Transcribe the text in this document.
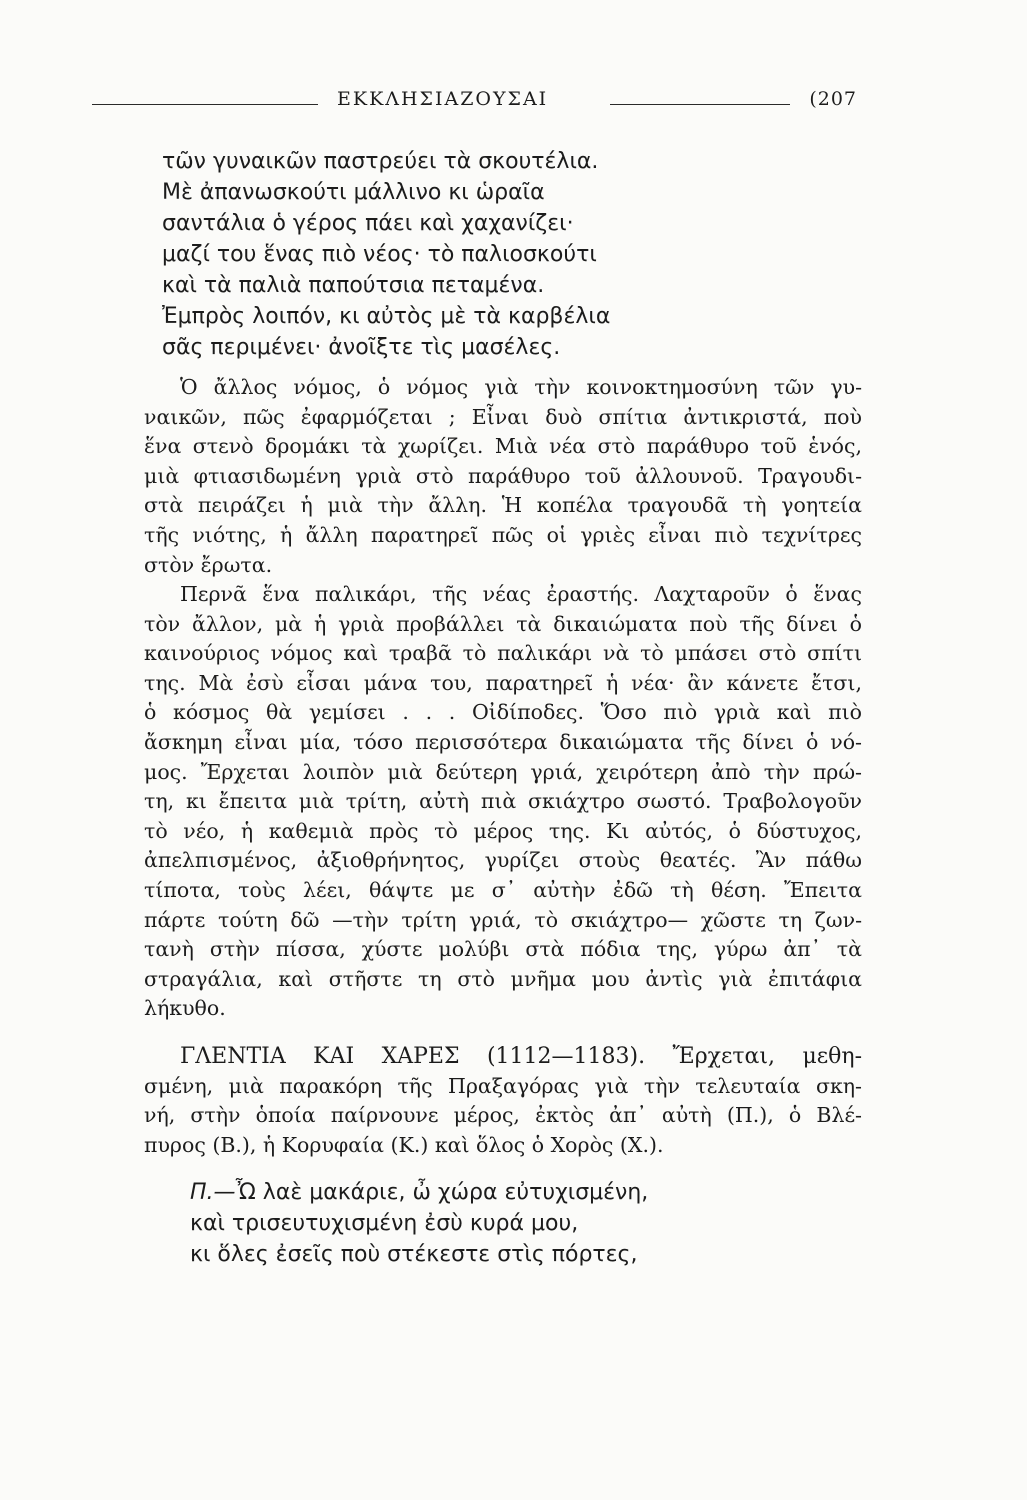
ΕΚΚΛΗΣΙΑΖΟΥΣΑΙ	(207

τῶν γυναικῶν παστρεύει τὰ σκουτέλια.

Μὲ ἀπανωσκούτι μάλλινο κι ὡραῖα

σαντάλια ὁ γέρος πάει καὶ χαχανίζει·

μαζί του ἕνας πιὸ νέος· τὸ παλιοσκούτι

καὶ τὰ παλιὰ παπούτσια πεταμένα.

Ἐμπρὸς λοιπόν, κι αὐτὸς μὲ τὰ καρβέλια

σᾶς περιμένει· ἀνοῖξτε τὶς μασέλες.

Ὁ ἄλλος νόμος, ὁ νόμος γιὰ τὴν κοινοκτημοσύνη τῶν γυ-
ναικῶν, πῶς ἐφαρμόζεται ; Εἶναι δυὸ σπίτια ἀντικριστά, ποὺ
ἕνα στενὸ δρομάκι τὰ χωρίζει. Μιὰ νέα στὸ παράθυρο τοῦ ἑνός,
μιὰ φτιασιδωμένη γριὰ στὸ παράθυρο τοῦ ἀλλουνοῦ. Τραγουδι-
στὰ πειράζει ἡ μιὰ τὴν ἄλλη. Ἡ κοπέλα τραγουδᾶ τὴ γοητεία
τῆς νιότης, ἡ ἄλλη παρατηρεῖ πῶς οἱ γριὲς εἶναι πιὸ τεχνίτρες
στὸν ἔρωτα.
Περνᾶ ἕνα παλικάρι, τῆς νέας ἐραστής. Λαχταροῦν ὁ ἕνας
τὸν ἄλλον, μὰ ἡ γριὰ προβάλλει τὰ δικαιώματα ποὺ τῆς δίνει ὁ
καινούριος νόμος καὶ τραβᾶ τὸ παλικάρι νὰ τὸ μπάσει στὸ σπίτι
της. Μὰ ἐσὺ εἶσαι μάνα του, παρατηρεῖ ἡ νέα· ἂν κάνετε ἔτσι,
ὁ κόσμος θὰ γεμίσει . . . Οἰδίποδες. Ὅσο πιὸ γριὰ καὶ πιὸ
ἄσκημη εἶναι μία, τόσο περισσότερα δικαιώματα τῆς δίνει ὁ νό-
μος. Ἔρχεται λοιπὸν μιὰ δεύτερη γριά, χειρότερη ἀπὸ τὴν πρώ-
τη, κι ἔπειτα μιὰ τρίτη, αὐτὴ πιὰ σκιάχτρο σωστό. Τραβολογοῦν
τὸ νέο, ἡ καθεμιὰ πρὸς τὸ μέρος της. Κι αὐτός, ὁ δύστυχος,
ἀπελπισμένος, ἀξιοθρήνητος, γυρίζει στοὺς θεατές. Ἂν πάθω
τίποτα, τοὺς λέει, θάψτε με σ᾽ αὐτὴν ἐδῶ τὴ θέση. Ἔπειτα
πάρτε τούτη δῶ —τὴν τρίτη γριά, τὸ σκιάχτρο— χῶστε τη ζων-
τανὴ στὴν πίσσα, χύστε μολύβι στὰ πόδια της, γύρω ἀπ᾽ τὰ
στραγάλια, καὶ στῆστε τη στὸ μνῆμα μου ἀντὶς γιὰ ἐπιτάφια
λήκυθο.
ΓΛΕΝΤΙΑ ΚΑΙ ΧΑΡΕΣ (1112—1183). Ἔρχεται, μεθη-
σμένη, μιὰ παρακόρη τῆς Πραξαγόρας γιὰ τὴν τελευταία σκη-
νή, στὴν ὁποία παίρνουνε μέρος, ἐκτὸς ἀπ᾽ αὐτὴ (Π.), ὁ Βλέ-
πυρος (Β.), ἡ Κορυφαία (Κ.) καὶ ὅλος ὁ Χορὸς (Χ.).

Π.—Ὦ λαὲ μακάριε, ὦ χώρα εὐτυχισμένη,

καὶ τρισευτυχισμένη ἐσὺ κυρά μου,

κι ὅλες ἐσεῖς ποὺ στέκεστε στὶς πόρτες,
